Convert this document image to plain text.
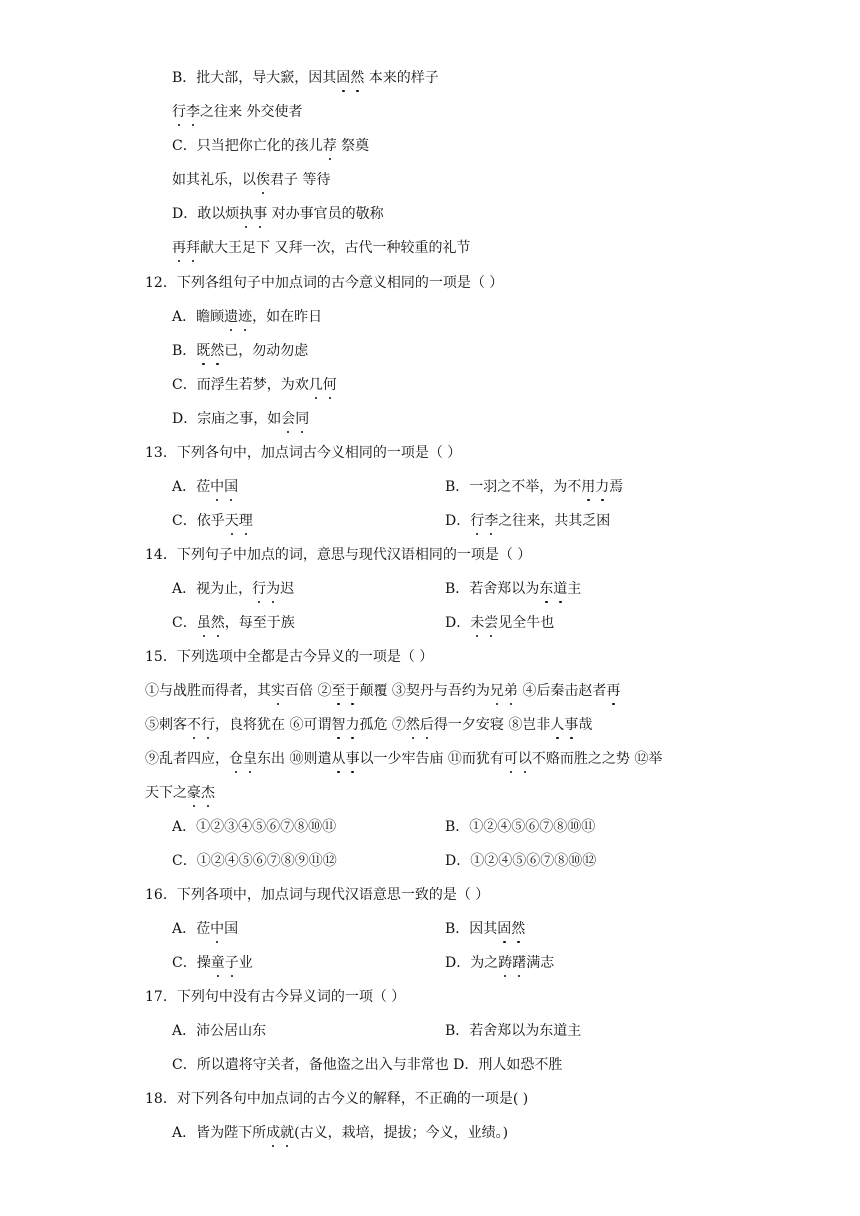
B．批大部，导大窾，因其固然 本来的样子
行李之往来 外交使者
C．只当把你亡化的孩儿荐 祭奠
如其礼乐，以俟君子 等待
D．敢以烦执事 对办事官员的敬称
再拜献大王足下 又拜一次，古代一种较重的礼节
12．下列各组句子中加点词的古今意义相同的一项是（ ）
A．瞻顾遗迹，如在昨日
B．既然已，勿动勿虑
C．而浮生若梦，为欢几何
D．宗庙之事，如会同
13．下列各句中，加点词古今义相同的一项是（ ）
A．莅中国	B．一羽之不举，为不用力焉
C．依乎天理	D．行李之往来，共其乏困
14．下列句子中加点的词，意思与现代汉语相同的一项是（ ）
A．视为止，行为迟	B．若舍郑以为东道主
C．虽然，每至于族	D．未尝见全牛也
15．下列选项中全都是古今异义的一项是（ ）
①与战胜而得者，其实百倍 ②至于颠覆 ③契丹与吾约为兄弟 ④后秦击赵者再
⑤刺客不行，良将犹在 ⑥可谓智力孤危 ⑦然后得一夕安寝 ⑧岂非人事哉
⑨乱者四应，仓皇东出 ⑩则遣从事以一少牢告庙 ⑪而犹有可以不赂而胜之之势 ⑫举
天下之豪杰
A．①②③④⑤⑥⑦⑧⑩⑪	B．①②④⑤⑥⑦⑧⑩⑪
C．①②④⑤⑥⑦⑧⑨⑪⑫	D．①②④⑤⑥⑦⑧⑩⑫
16．下列各项中，加点词与现代汉语意思一致的是（ ）
A．莅中国	B．因其固然
C．操童子业	D．为之踌躇满志
17．下列句中没有古今异义词的一项（ ）
A．沛公居山东	B．若舍郑以为东道主
C．所以遣将守关者，备他盗之出入与非常也 D．刑人如恐不胜
18．对下列各句中加点词的古今义的解释，不正确的一项是( )
A．皆为陛下所成就(古义，栽培，提拔；今义，业绩。)
